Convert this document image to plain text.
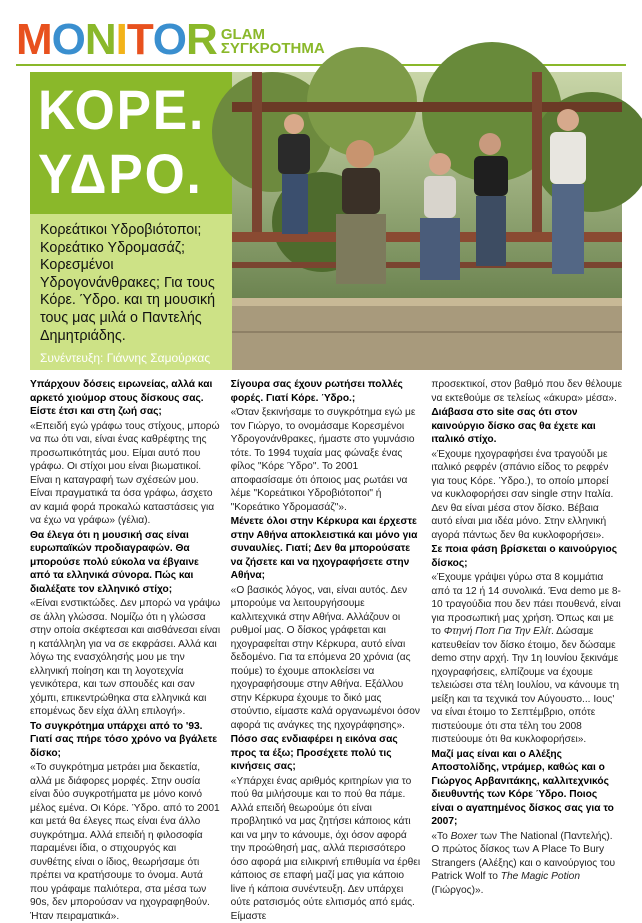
MONITOR GLAM
ΣΥΓΚΡΟΤΗΜΑ
ΚΟΡΕ.
ΥΔΡΟ.
Κορεάτικοι Υδροβιότοποι; Κορεάτικο Υδρομασάζ; Κορεσμένοι Υδρογονάνθρακες; Για τους Κόρε. Ύδρο. και τη μουσική τους μας μιλά ο Παντελής Δημητριάδης.
Συνέντευξη: Γιάννης Σαμούρκας

Υπάρχουν δόσεις ειρωνείας, αλλά και αρκετό χιούμορ στους δίσκους σας. Είστε έτσι και στη ζωή σας;

«Επειδή εγώ γράφω τους στίχους, μπορώ να πω ότι ναι, είναι ένας καθρέφτης της προσωπικότητάς μου. Είμαι αυτό που γράφω. Οι στίχοι μου είναι βιωματικοί. Είναι η καταγραφή των σχέσεών μου. Είναι πραγματικά τα όσα γράφω, άσχετο αν καμιά φορά προκαλώ καταστάσεις για να έχω να γράφω» (γέλια).

Θα έλεγα ότι η μουσική σας είναι ευρωπαϊκών προδιαγραφών. Θα μπορούσε πολύ εύκολα να έβγαινε από τα ελληνικά σύνορα. Πώς και διαλέξατε τον ελληνικό στίχο;

«Είναι ενστικτώδες. Δεν μπορώ να γράψω σε άλλη γλώσσα. Νομίζω ότι η γλώσσα στην οποία σκέφτεσαι και αισθάνεσαι είναι η κατάλληλη για να σε εκφράσει. Αλλά και λόγω της ενασχόλησής μου με την ελληνική ποίηση και τη λογοτεχνία γενικότερα, και των σπουδές και σαν χόμπι, επικεντρώθηκα στα ελληνικά και επομένως δεν είχα άλλη επιλογή».

Το συγκρότημα υπάρχει από το '93. Γιατί σας πήρε τόσο χρόνο να βγάλετε δίσκο;

«Το συγκρότημα μετράει μια δεκαετία, αλλά με διάφορες μορφές. Στην ουσία είναι δύο συγκροτήματα με μόνο κοινό μέλος εμένα. Οι Κόρε. Ύδρο. από το 2001 και μετά θα έλεγες πως είναι ένα άλλο συγκρότημα. Αλλά επειδή η φιλοσοφία παραμένει ίδια, ο στιχουργός και συνθέτης είναι ο ίδιος, θεωρήσαμε ότι πρέπει να κρατήσουμε το όνομα. Αυτά που γράφαμε παλιότερα, στα μέσα των 90s, δεν μπορούσαν να ηχογραφηθούν. Ήταν πειραματικά».

Σίγουρα σας έχουν ρωτήσει πολλές φορές. Γιατί Κόρε. Ύδρο.;

«Όταν ξεκινήσαμε το συγκρότημα εγώ με τον Γιώργο, το ονομάσαμε Κορεσμένοι Υδρογονάνθρακες, ήμαστε στο γυμνάσιο τότε. Το 1994 τυχαία μας φώναξε ένας φίλος "Κόρε Ύδρο". Το 2001 αποφασίσαμε ότι όποιος μας ρωτάει να λέμε "Κορεάτικοι Υδροβιότοποι" ή "Κορεάτικο Υδρομασάζ"».

Μένετε όλοι στην Κέρκυρα και έρχεστε στην Αθήνα αποκλειστικά και μόνο για συναυλίες. Γιατί; Δεν θα μπορούσατε να ζήσετε και να ηχογραφήσετε στην Αθήνα;

«Ο βασικός λόγος, ναι, είναι αυτός. Δεν μπορούμε να λειτουργήσουμε καλλιτεχνικά στην Αθήνα. Αλλάζουν οι ρυθμοί μας. Ο δίσκος γράφεται και ηχογραφείται στην Κέρκυρα, αυτό είναι δεδομένο. Για τα επόμενα 20 χρόνια (ας πούμε) το έχουμε αποκλείσει να ηχογραφήσουμε στην Αθήνα. Εξάλλου στην Κέρκυρα έχουμε το δικό μας στούντιο, είμαστε καλά οργανωμένοι όσον αφορά τις ανάγκες της ηχογράφησης».

Πόσο σας ενδιαφέρει η εικόνα σας προς τα έξω; Προσέχετε πολύ τις κινήσεις σας;

«Υπάρχει ένας αριθμός κριτηρίων για το πού θα μιλήσουμε και το πού θα πάμε. Αλλά επειδή θεωρούμε ότι είναι προβλητικό να μας ζητήσει κάποιος κάτι και να μην το κάνουμε, όχι όσον αφορά την προώθησή μας, αλλά περισσότερο όσο αφορά μια ειλικρινή επιθυμία να έρθει κάποιος σε επαφή μαζί μας για κάποιο live ή κάποια συνέντευξη. Δεν υπάρχει ούτε ρατσισμός ούτε ελιτισμός από εμάς. Είμαστε

προσεκτικοί, στον βαθμό που δεν θέλουμε να εκτεθούμε σε τελείως «άκυρα» μέσα».

Διάβασα στο site σας ότι στον καινούργιο δίσκο σας θα έχετε και ιταλικό στίχο.

«Έχουμε ηχογραφήσει ένα τραγούδι με ιταλικό ρεφρέν (σπάνιο είδος το ρεφρέν για τους Κόρε. Ύδρο.), το οποίο μπορεί να κυκλοφορήσει σαν single στην Ιταλία. Δεν θα είναι μέσα στον δίσκο. Βέβαια αυτό είναι μια ιδέα μόνο. Στην ελληνική αγορά πάντως δεν θα κυκλοφορήσει».

Σε ποια φάση βρίσκεται ο καινούργιος δίσκος;

«Έχουμε γράψει γύρω στα 8 κομμάτια από τα 12 ή 14 συνολικά. Ένα demo με 8-10 τραγούδια που δεν πάει πουθενά, είναι για προσωπική μας χρήση. Όπως και με το Φτηνή Ποπ Για Την Ελίτ. Δώσαμε κατευθείαν τον δίσκο έτοιμο, δεν δώσαμε demo στην αρχή. Την 1η Ιουνίου ξεκινάμε ηχογραφήσεις, ελπίζουμε να έχουμε τελειώσει στα τέλη Ιουλίου, να κάνουμε τη μείξη και τα τεχνικά τον Αύγουστο... Ιους' να είναι έτοιμο το Σεπτέμβριο, οπότε πιστεύουμε ότι στα τέλη του 2008 πιστεύουμε ότι θα κυκλοφορήσει».

Μαζί μας είναι και ο Αλέξης Αποστολίδης, ντράμερ, καθώς και ο Γιώργος Αρβανιτάκης, καλλιτεχνικός διευθυντής των Κόρε Ύδρο. Ποιος είναι ο αγαπημένος δίσκος σας για το 2007;

«Το Boxer των The National (Παντελής). Ο πρώτος δίσκος των A Place To Bury Strangers (Αλέξης) και ο καινούργιος του Patrick Wolf το The Magic Potion (Γιώργος)».
